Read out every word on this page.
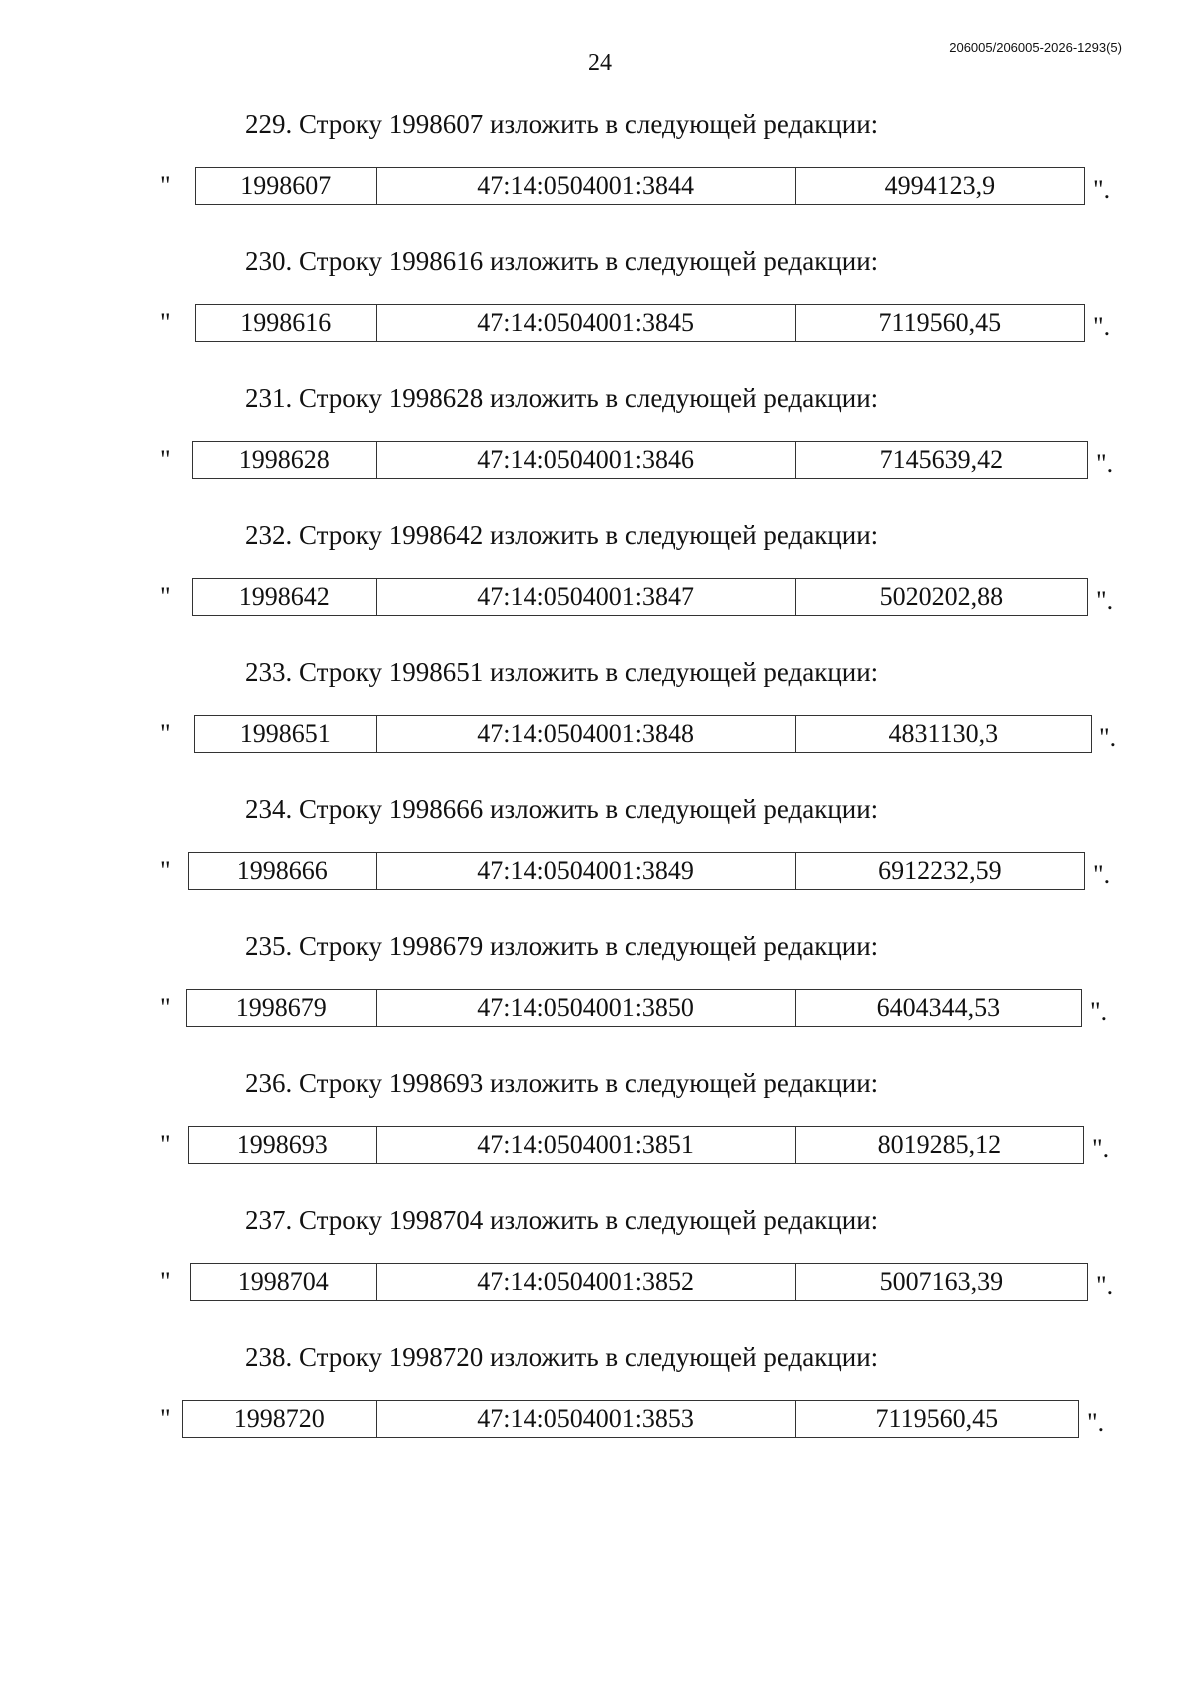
24
206005/206005-2026-1293(5)
229. Строку 1998607 изложить в следующей редакции:
"	1998607	47:14:0504001:3844	4994123,9	".
230. Строку 1998616 изложить в следующей редакции:
"	1998616	47:14:0504001:3845	7119560,45	".
231. Строку 1998628 изложить в следующей редакции:
"	1998628	47:14:0504001:3846	7145639,42	".
232. Строку 1998642 изложить в следующей редакции:
"	1998642	47:14:0504001:3847	5020202,88	".
233. Строку 1998651 изложить в следующей редакции:
"	1998651	47:14:0504001:3848	4831130,3	".
234. Строку 1998666 изложить в следующей редакции:
"	1998666	47:14:0504001:3849	6912232,59	".
235. Строку 1998679 изложить в следующей редакции:
"	1998679	47:14:0504001:3850	6404344,53	".
236. Строку 1998693 изложить в следующей редакции:
"	1998693	47:14:0504001:3851	8019285,12	".
237. Строку 1998704 изложить в следующей редакции:
"	1998704	47:14:0504001:3852	5007163,39	".
238. Строку 1998720 изложить в следующей редакции:
"	1998720	47:14:0504001:3853	7119560,45	".
